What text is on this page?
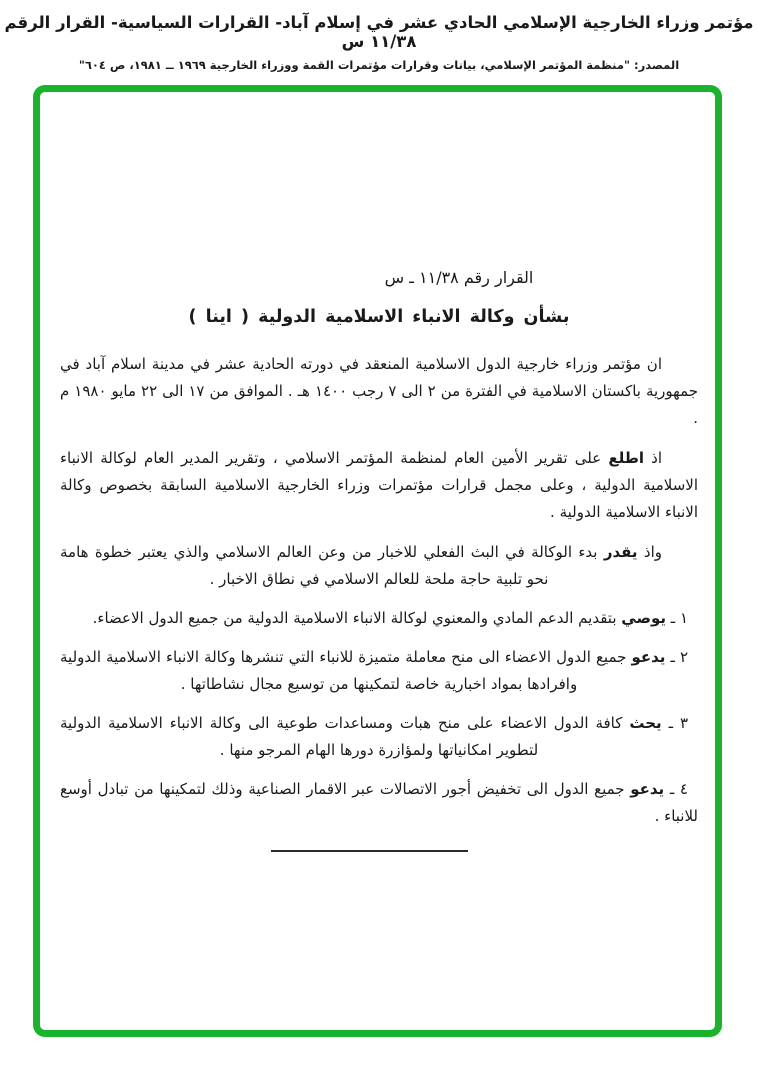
مؤتمر وزراء الخارجية الإسلامي الحادي عشر في إسلام آباد- القرارات السياسية- القرار الرقم ١١/٣٨ س
المصدر: "منظمة المؤتمر الإسلامي، بيانات وقرارات مؤتمرات القمة ووزراء الخارجية ١٩٦٩ ــ ١٩٨١، ص ٦٠٤"
القرار رقم ١١/٣٨ ـ س
بشأن وكالة الانباء الاسلامية الدولية ( اينا )

ان مؤتمر وزراء خارجية الدول الاسلامية المنعقد في دورته الحادية عشر في مدينة اسلام آباد في جمهورية باكستان الاسلامية في الفترة من ٢ الى ٧ رجب ١٤٠٠ هـ . الموافق من ١٧ الى ٢٢ مايو ١٩٨٠ م .

اذ اطلع على تقرير الأمين العام لمنظمة المؤتمر الاسلامي ، وتقرير المدير العام لوكالة الانباء الاسلامية الدولية ، وعلى مجمل قرارات مؤتمرات وزراء الخارجية الاسلامية السابقة بخصوص وكالة الانباء الاسلامية الدولية .

واذ يقدر بدء الوكالة في البث الفعلي للاخبار من وعن العالم الاسلامي والذي يعتبر خطوة هامة نحو تلبية حاجة ملحة للعالم الاسلامي في نطاق الاخبار .

١ ـ يوصي بتقديم الدعم المادي والمعنوي لوكالة الانباء الاسلامية الدولية من جميع الدول الاعضاء.

٢ ـ يدعو جميع الدول الاعضاء الى منح معاملة متميزة للانباء التي تنشرها وكالة الانباء الاسلامية الدولية وافرادها بمواد اخبارية خاصة لتمكينها من توسيع مجال نشاطاتها .

٣ ـ يحث كافة الدول الاعضاء على منح هبات ومساعدات طوعية الى وكالة الانباء الاسلامية الدولية لتطوير امكانياتها ولمؤازرة دورها الهام المرجو منها .

٤ ـ يدعو جميع الدول الى تخفيض أجور الاتصالات عبر الاقمار الصناعية وذلك لتمكينها من تبادل أوسع للانباء .
